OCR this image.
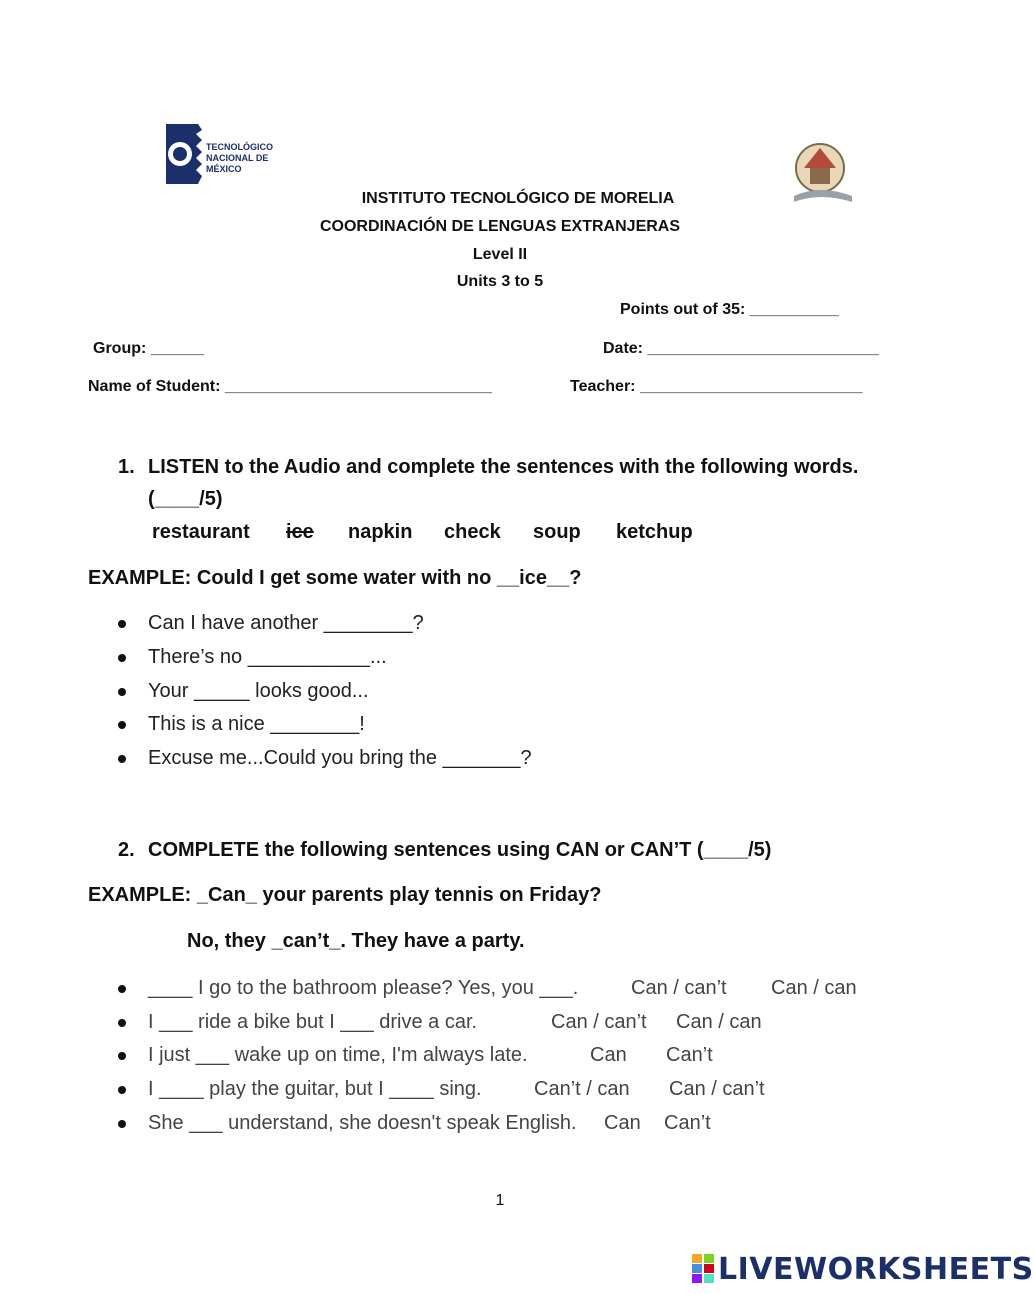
TECNOLÓGICO NACIONAL DE MÉXICO
INSTITUTO TECNOLÓGICO DE MORELIA
COORDINACIÓN DE LENGUAS EXTRANJERAS
Level II
Units 3 to 5
Points out of 35: __________
Group: ______	Date: __________________________
Name of Student: ______________________________	Teacher: _________________________
1. LISTEN to the Audio and complete the sentences with the following words.
(____/5)
restaurant ice napkin check soup ketchup
EXAMPLE: Could I get some water with no __ice__?
Can I have another ________?
There’s no ___________...
Your _____ looks good...
This is a nice ________!
Excuse me...Could you bring the _______?
2. COMPLETE the following sentences using CAN or CAN’T (____/5)
EXAMPLE: _Can_ your parents play tennis on Friday?
No, they _can’t_. They have a party.
____ I go to the bathroom please? Yes, you ___.	Can / can’t Can / can
I ___ ride a bike but I ___ drive a car.	Can / can’t Can / can
I just ___ wake up on time, I'm always late.	Can Can’t
I ____ play the guitar, but I ____ sing.	Can’t / can Can / can’t
She ___ understand, she doesn't speak English. Can Can’t
1
LIVEWORKSHEETS
